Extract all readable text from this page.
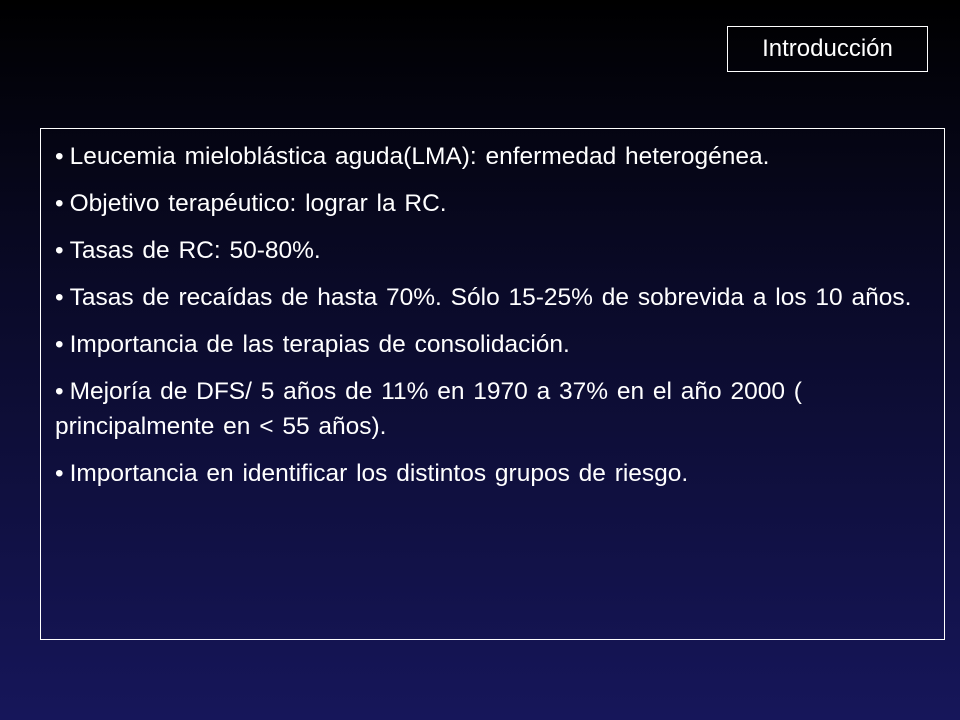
Introducción

• Leucemia mieloblástica aguda(LMA): enfermedad heterogénea.

• Objetivo terapéutico: lograr la RC.

• Tasas de RC: 50-80%.

• Tasas de recaídas de hasta 70%. Sólo 15-25% de sobrevida a los 10 años.

• Importancia de las terapias de consolidación.

• Mejoría de DFS/ 5 años de 11% en 1970 a 37% en el año 2000 ( principalmente en < 55 años).

• Importancia en identificar los distintos grupos de riesgo.
